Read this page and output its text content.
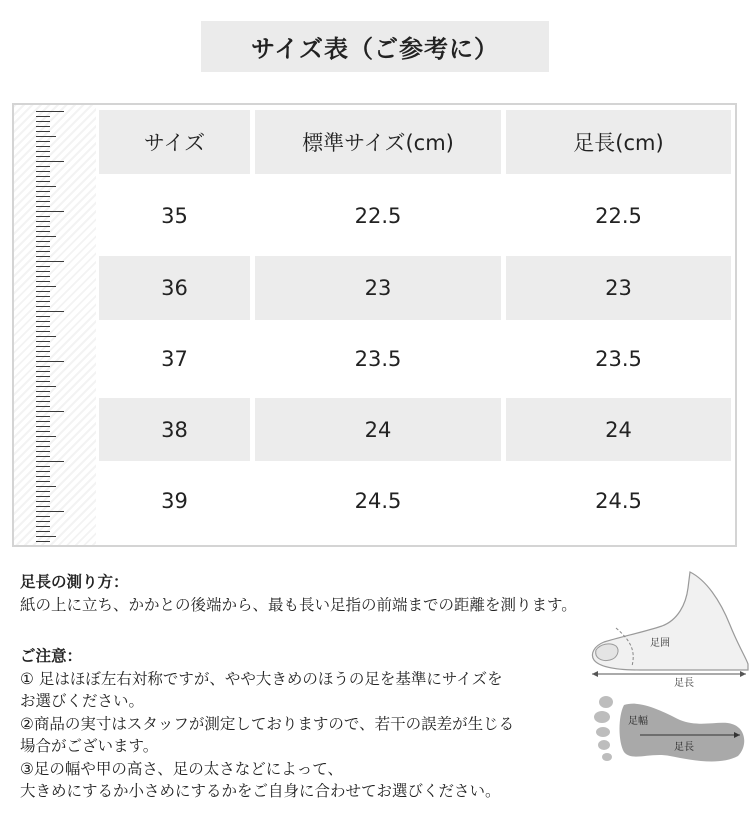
サイズ表（ご参考に）
サイズ	標準サイズ(cm)	足長(cm)
35	22.5	22.5
36	23	23
37	23.5	23.5
38	24	24
39	24.5	24.5
足長の測り方：
紙の上に立ち、かかとの後端から、最も長い足指の前端までの距離を測ります。
ご注意：
① 足はほぼ左右対称ですが、やや大きめのほうの足を基準にサイズを
お選びください。
②商品の実寸はスタッフが測定しておりますので、若干の誤差が生じる
場合がございます。
③足の幅や甲の高さ、足の太さなどによって、
大きめにするか小さめにするかをご自身に合わせてお選びください。
足囲
足長
足幅
足長
